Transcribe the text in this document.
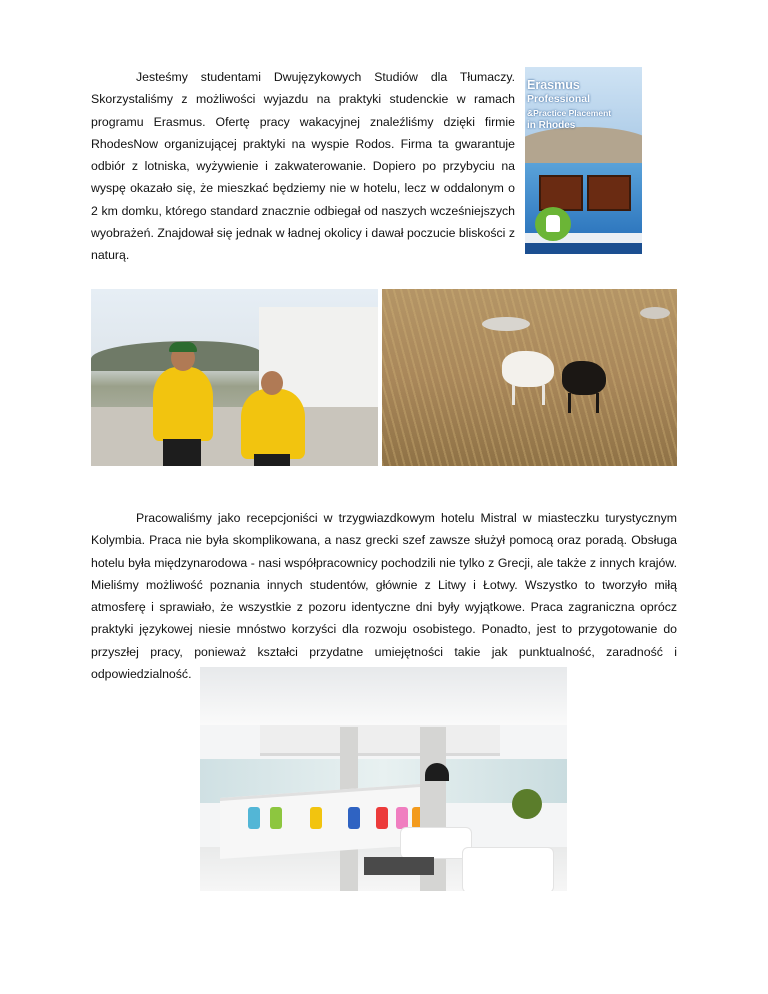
Jesteśmy studentami Dwujęzykowych Studiów dla Tłumaczy. Skorzystaliśmy z możliwości wyjazdu na praktyki studenckie w ramach programu Erasmus. Ofertę pracy wakacyjnej znaleźliśmy dzięki firmie RhodesNow organizującej praktyki na wyspie Rodos. Firma ta gwarantuje odbiór z lotniska, wyżywienie i zakwaterowanie. Dopiero po przybyciu na wyspę okazało się, że mieszkać będziemy nie w hotelu, lecz w oddalonym o 2 km domku, którego standard znacznie odbiegał od naszych wcześniejszych wyobrażeń. Znajdował się jednak w ładnej okolicy i dawał poczucie bliskości z naturą.

Erasmus
Professional
&Practice Placement
in Rhodes

Pracowaliśmy jako recepcjoniści w trzygwiazdkowym hotelu Mistral w miasteczku turystycznym Kolymbia. Praca nie była skomplikowana, a nasz grecki szef zawsze służył pomocą oraz poradą. Obsługa hotelu była międzynarodowa - nasi współpracownicy pochodzili nie tylko z Grecji, ale także z innych krajów. Mieliśmy możliwość poznania innych studentów, głównie z Litwy i Łotwy. Wszystko to tworzyło miłą atmosferę i sprawiało, że wszystkie z pozoru identyczne dni były wyjątkowe. Praca zagraniczna oprócz praktyki językowej niesie mnóstwo korzyści dla rozwoju osobistego. Ponadto, jest to przygotowanie do przyszłej pracy, ponieważ kształci przydatne umiejętności takie jak punktualność, zaradność i odpowiedzialność.
